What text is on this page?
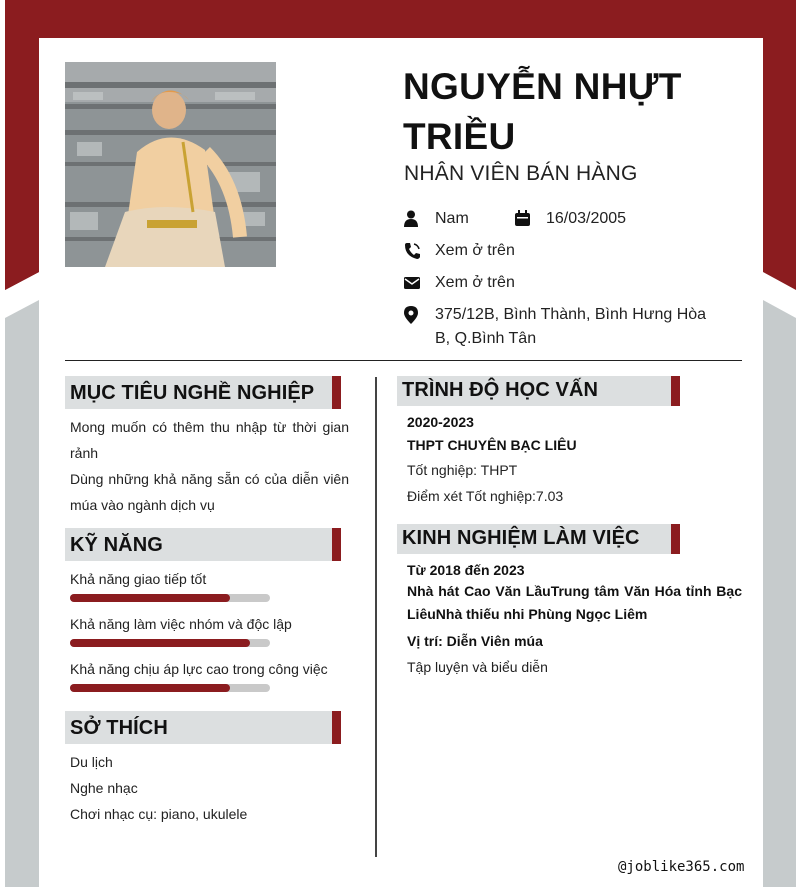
NGUYỄN NHỰT TRIỀU
NHÂN VIÊN BÁN HÀNG
Nam	16/03/2005
Xem ở trên
Xem ở trên
375/12B, Bình Thành, Bình Hưng Hòa B, Q.Bình Tân
MỤC TIÊU NGHỀ NGHIỆP
Mong muốn có thêm thu nhập từ thời gian rảnh
Dùng những khả năng sẵn có của diễn viên múa vào ngành dịch vụ
KỸ NĂNG
Khả năng giao tiếp tốt
Khả năng làm việc nhóm và độc lập
Khả năng chịu áp lực cao trong công việc
SỞ THÍCH
Du lịch
Nghe nhạc
Chơi nhạc cụ: piano, ukulele
TRÌNH ĐỘ HỌC VẤN
2020-2023
THPT CHUYÊN BẠC LIÊU
Tốt nghiệp: THPT
Điểm xét Tốt nghiệp:7.03
KINH NGHIỆM LÀM VIỆC
Từ 2018 đến 2023
Nhà hát Cao Văn LầuTrung tâm Văn Hóa tỉnh Bạc LiêuNhà thiếu nhi Phùng Ngọc Liêm
Vị trí: Diễn Viên múa
Tập luyện và biểu diễn
@joblike365.com
